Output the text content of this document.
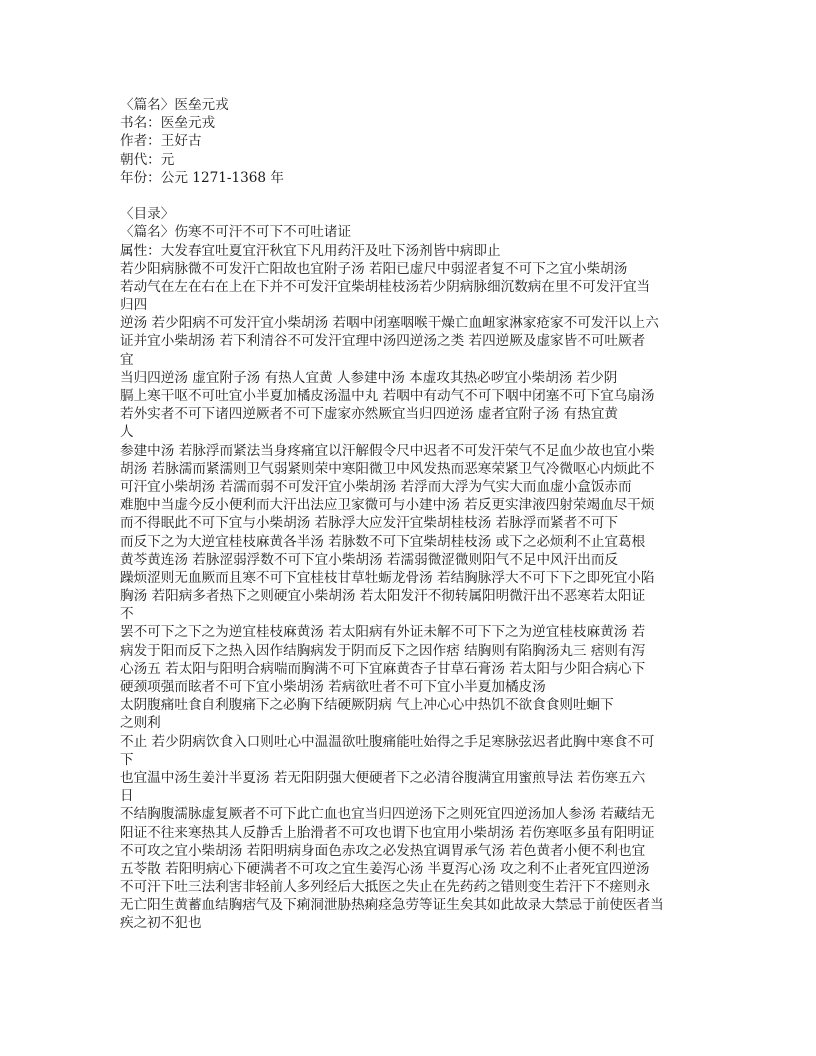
〈篇名〉医垒元戎
书名：医垒元戎
作者：王好古
朝代：元
年份：公元 1271-1368 年
〈目录〉
〈篇名〉伤寒不可汗不可下不可吐诸证
属性：大发春宜吐夏宜汗秋宜下凡用药汗及吐下汤剂皆中病即止
若少阳病脉微不可发汗亡阳故也宜附子汤 若阳已虚尺中弱涩者复不可下之宜小柴胡汤
若动气在左在右在上在下并不可发汗宜柴胡桂枝汤若少阴病脉细沉数病在里不可发汗宜当
归四
逆汤 若少阳病不可发汗宜小柴胡汤 若咽中闭塞咽喉干燥亡血衄家淋家疮家不可发汗以上六
证并宜小柴胡汤 若下利清谷不可发汗宜理中汤四逆汤之类 若四逆厥及虚家皆不可吐厥者
宜
当归四逆汤 虚宜附子汤 有热人宜黄 人参建中汤 本虚攻其热必哕宜小柴胡汤 若少阴
膈上寒干呕不可吐宜小半夏加橘皮汤温中丸 若咽中有动气不可下咽中闭塞不可下宜乌扇汤
若外实者不可下诸四逆厥者不可下虚家亦然厥宜当归四逆汤 虚者宜附子汤 有热宜黄
人
参建中汤 若脉浮而紧法当身疼痛宜以汗解假令尺中迟者不可发汗荣气不足血少故也宜小柴
胡汤 若脉濡而紧濡则卫气弱紧则荣中寒阳微卫中风发热而恶寒荣紧卫气冷微呕心内烦此不
可汗宜小柴胡汤 若濡而弱不可发汗宜小柴胡汤 若浮而大浮为气实大而血虚小盒饭赤而
难胞中当虚今反小便利而大汗出法应卫家微可与小建中汤 若反更实津液四射荣竭血尽干烦
而不得眠此不可下宜与小柴胡汤 若脉浮大应发汗宜柴胡桂枝汤 若脉浮而紧者不可下
而反下之为大逆宜桂枝麻黄各半汤 若脉数不可下宜柴胡桂枝汤 或下之必烦利不止宜葛根
黄芩黄连汤 若脉涩弱浮数不可下宜小柴胡汤 若濡弱微涩微则阳气不足中风汗出而反
躁烦涩则无血厥而且寒不可下宜桂枝甘草牡蛎龙骨汤 若结胸脉浮大不可下下之即死宜小陷
胸汤 若阳病多者热下之则硬宜小柴胡汤 若太阳发汗不彻转属阳明微汗出不恶寒若太阳证
不
罢不可下之下之为逆宜桂枝麻黄汤 若太阳病有外证未解不可下下之为逆宜桂枝麻黄汤 若
病发于阳而反下之热入因作结胸病发于阴而反下之因作痞 结胸则有陷胸汤丸三 痞则有泻
心汤五 若太阳与阳明合病喘而胸满不可下宜麻黄杏子甘草石膏汤 若太阳与少阳合病心下
硬颈项强而眩者不可下宜小柴胡汤 若病欲吐者不可下宜小半夏加橘皮汤
太阴腹痛吐食自利腹痛下之必胸下结硬厥阴病 气上冲心心中热饥不欲食食则吐蛔下
之则利
不止 若少阴病饮食入口则吐心中温温欲吐腹痛能吐始得之手足寒脉弦迟者此胸中寒食不可
下
也宜温中汤生姜汁半夏汤 若无阳阴强大便硬者下之必清谷腹满宜用蜜煎导法 若伤寒五六
日
不结胸腹濡脉虚复厥者不可下此亡血也宜当归四逆汤下之则死宜四逆汤加人参汤 若藏结无
阳证不往来寒热其人反静舌上胎滑者不可攻也谓下也宜用小柴胡汤 若伤寒呕多虽有阳明证
不可攻之宜小柴胡汤 若阳明病身面色赤攻之必发热宜调胃承气汤 若色黄者小便不利也宜
五苓散 若阳明病心下硬满者不可攻之宜生姜泻心汤 半夏泻心汤 攻之利不止者死宜四逆汤
不可汗下吐三法利害非轻前人多列经后大抵医之失止在先药药之错则变生若汗下不瘥则永
无亡阳生黄蓄血结胸痞气及下痢洞泄胁热痢痉急劳等证生矣其如此故录大禁忌于前使医者当
疾之初不犯也
